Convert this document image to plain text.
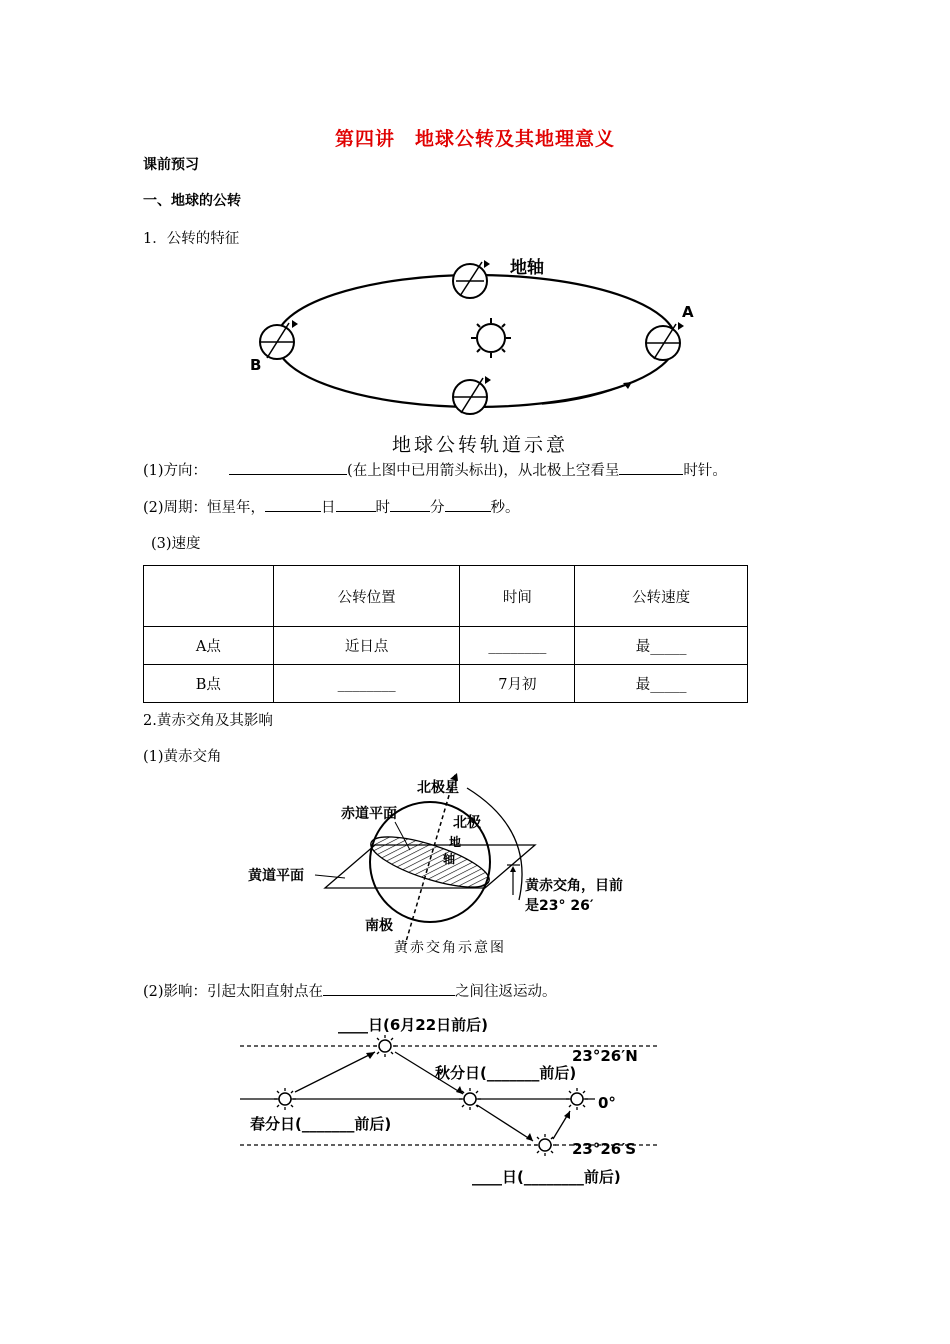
第四讲　地球公转及其地理意义
课前预习
一、地球的公转
1．公转的特征
地轴
A
B
地球公转轨道示意
(1)方向：	(在上图中已用箭头标出)，从北极上空看呈	时针。
(2)周期：恒星年，	日	时	分	秒。
(3)速度
	公转位置	时间	公转速度
A点	近日点	________	最_____
B点	________	7月初	最_____
2.黄赤交角及其影响
(1)黄赤交角
北极星
赤道平面
北极
地
轴
黄道平面
黄赤交角，目前
是23° 26′
南极
黄赤交角示意图
(2)影响：引起太阳直射点在	之间往返运动。
____日(6月22日前后)
23°26′N
秋分日(_______前后)
0°
春分日(_______前后)
23°26′S
____日(________前后)
